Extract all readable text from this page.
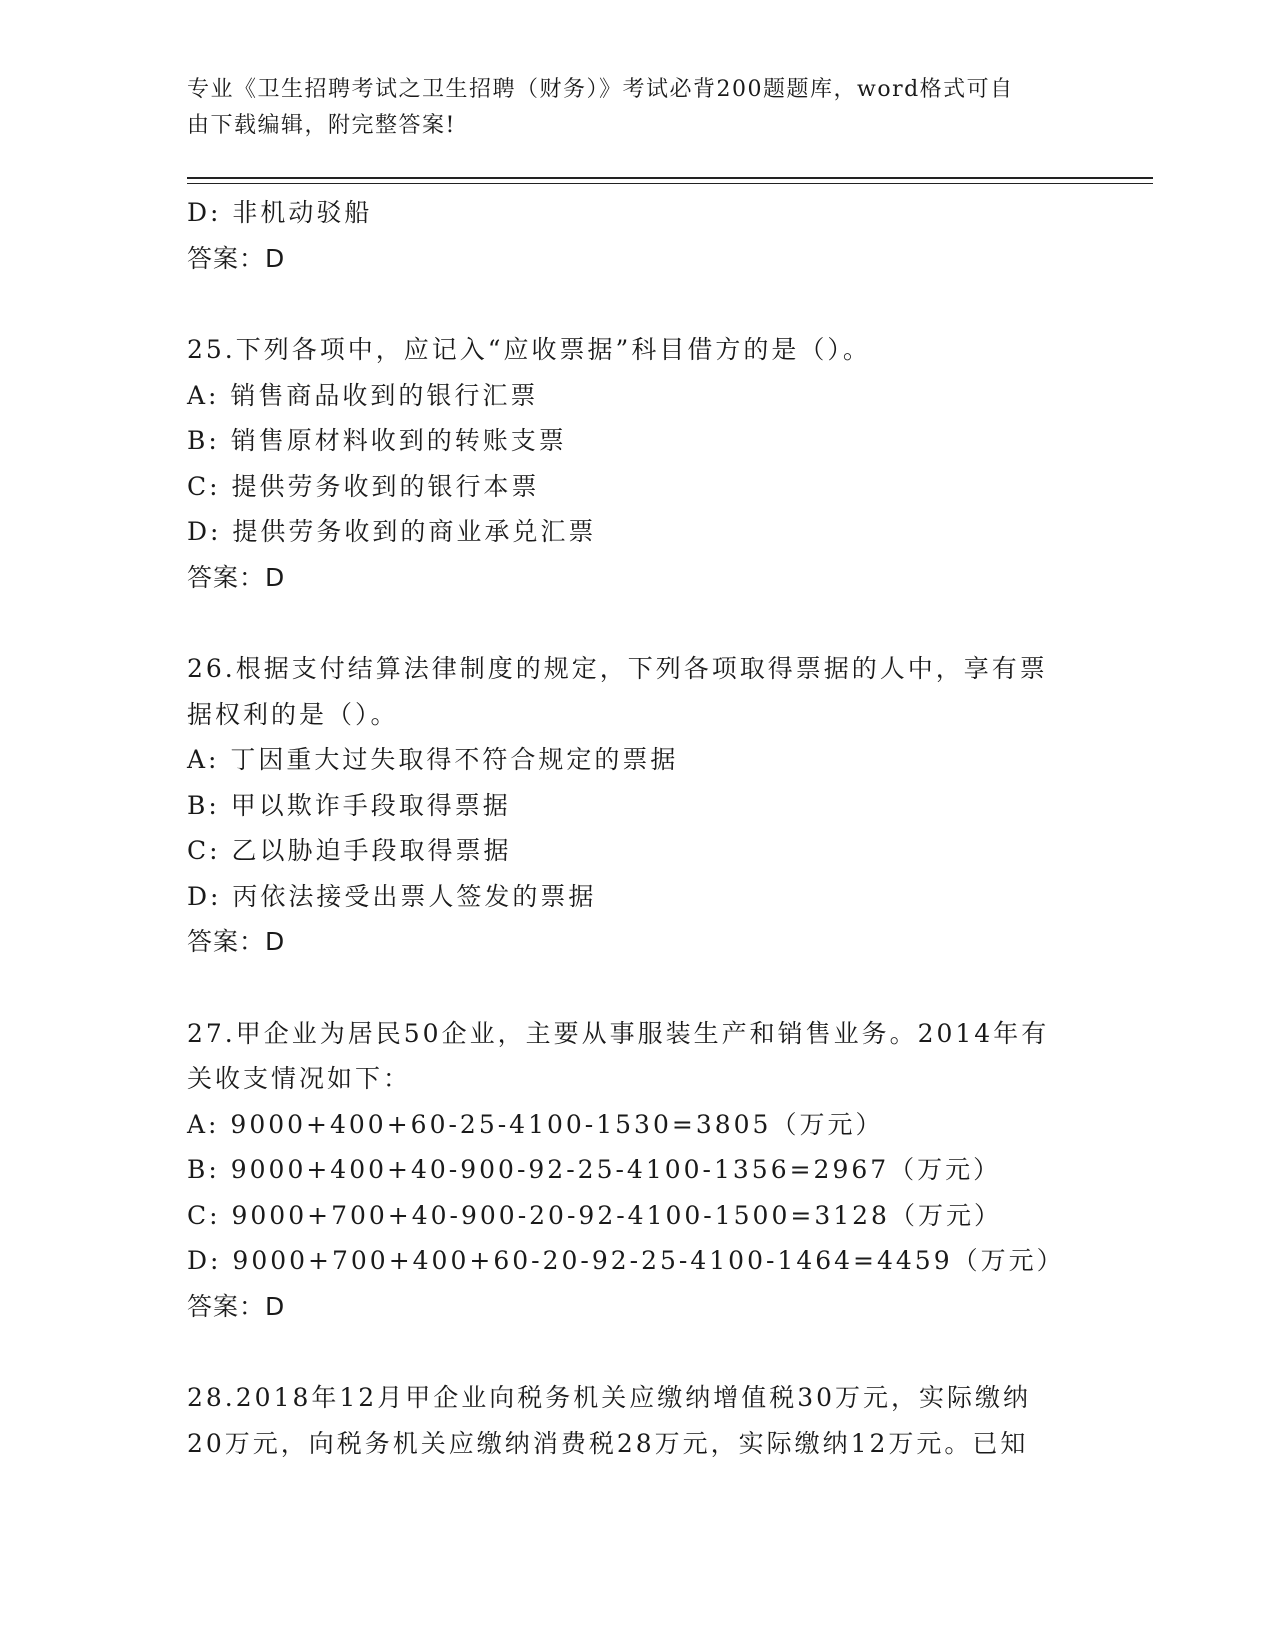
专业《卫生招聘考试之卫生招聘（财务）》考试必背200题题库，word格式可自
由下载编辑，附完整答案!
D: 非机动驳船
答案：D
25.下列各项中，应记入“应收票据”科目借方的是（）。
A: 销售商品收到的银行汇票
B: 销售原材料收到的转账支票
C: 提供劳务收到的银行本票
D: 提供劳务收到的商业承兑汇票
答案：D
26.根据支付结算法律制度的规定，下列各项取得票据的人中，享有票
据权利的是（）。
A: 丁因重大过失取得不符合规定的票据
B: 甲以欺诈手段取得票据
C: 乙以胁迫手段取得票据
D: 丙依法接受出票人签发的票据
答案：D
27.甲企业为居民50企业，主要从事服装生产和销售业务。2014年有
关收支情况如下：
A: 9000+400+60-25-4100-1530=3805（万元）
B: 9000+400+40-900-92-25-4100-1356=2967（万元）
C: 9000+700+40-900-20-92-4100-1500=3128（万元）
D: 9000+700+400+60-20-92-25-4100-1464=4459（万元）
答案：D
28.2018年12月甲企业向税务机关应缴纳增值税30万元，实际缴纳
20万元，向税务机关应缴纳消费税28万元，实际缴纳12万元。已知
